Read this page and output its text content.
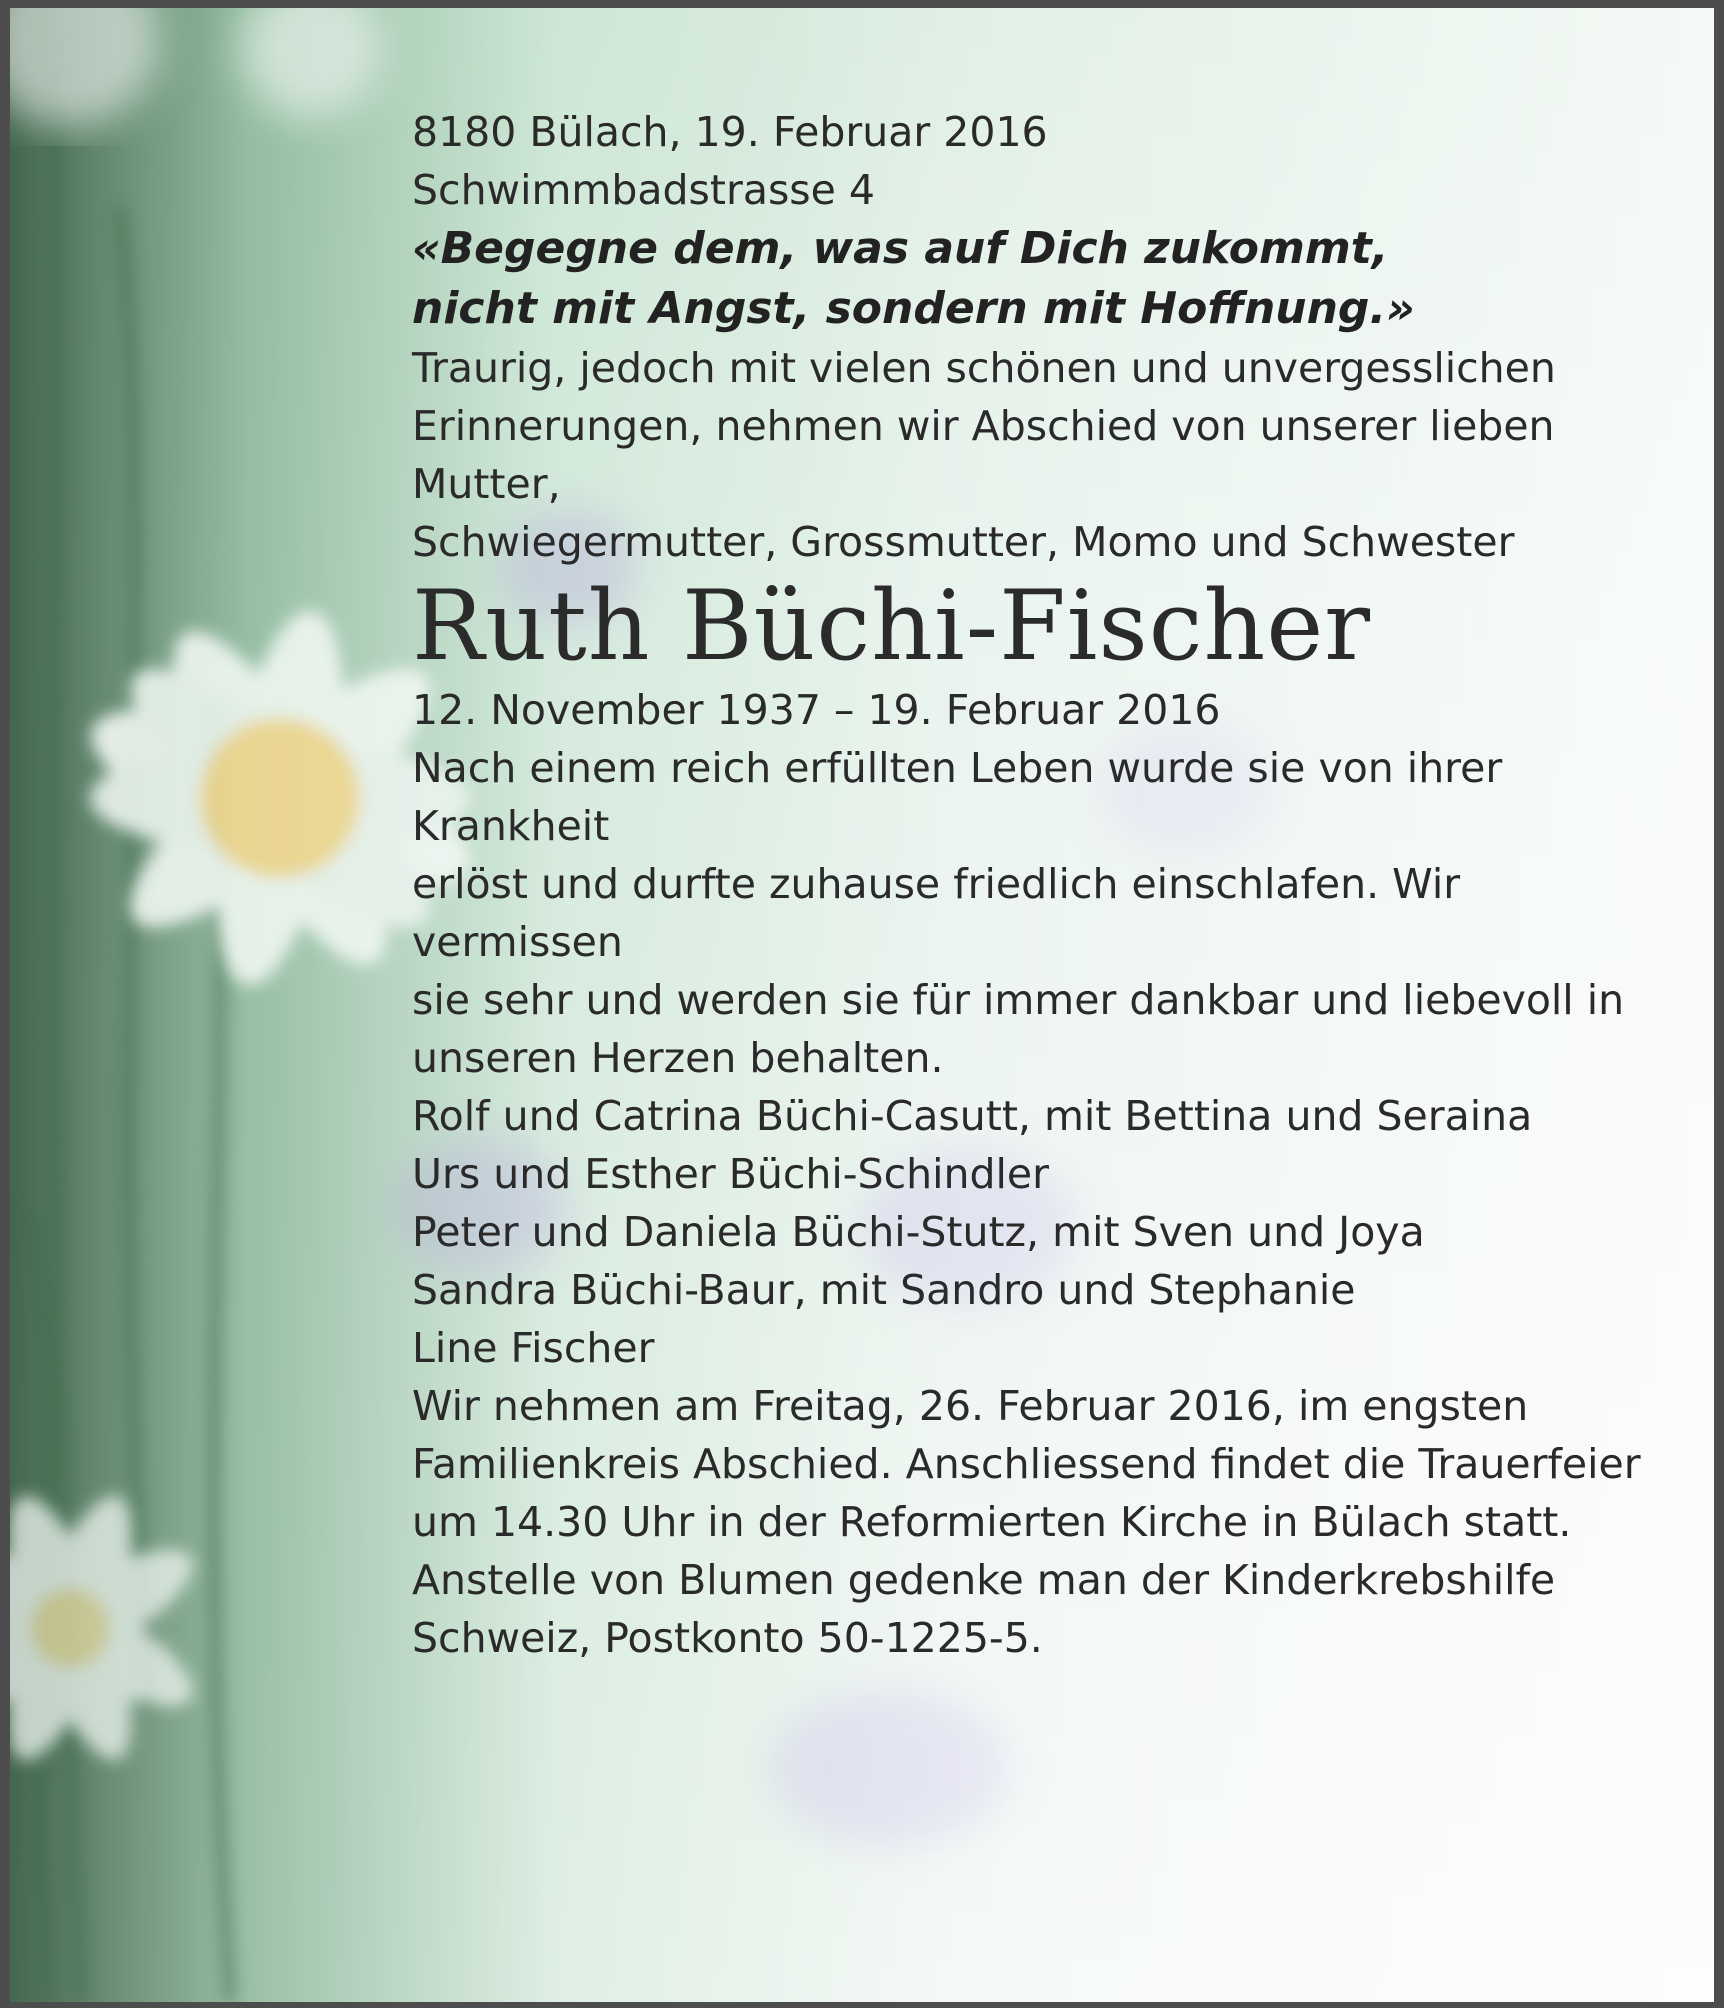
8180 Bülach, 19. Februar 2016
Schwimmbadstrasse 4

«Begegne dem, was auf Dich zukommt,
nicht mit Angst, sondern mit Hoffnung.»

Traurig, jedoch mit vielen schönen und unvergesslichen
Erinnerungen, nehmen wir Abschied von unserer lieben Mutter,
Schwiegermutter, Grossmutter, Momo und Schwester

Ruth Büchi-Fischer

12. November 1937 – 19. Februar 2016

Nach einem reich erfüllten Leben wurde sie von ihrer Krankheit
erlöst und durfte zuhause friedlich einschlafen. Wir vermissen
sie sehr und werden sie für immer dankbar und liebevoll in
unseren Herzen behalten.

Rolf und Catrina Büchi-Casutt, mit Bettina und Seraina
Urs und Esther Büchi-Schindler
Peter und Daniela Büchi-Stutz, mit Sven und Joya
Sandra Büchi-Baur, mit Sandro und Stephanie
Line Fischer

Wir nehmen am Freitag, 26. Februar 2016, im engsten
Familienkreis Abschied. Anschliessend findet die Trauerfeier
um 14.30 Uhr in der Reformierten Kirche in Bülach statt.

Anstelle von Blumen gedenke man der Kinderkrebshilfe
Schweiz, Postkonto 50-1225-5.
